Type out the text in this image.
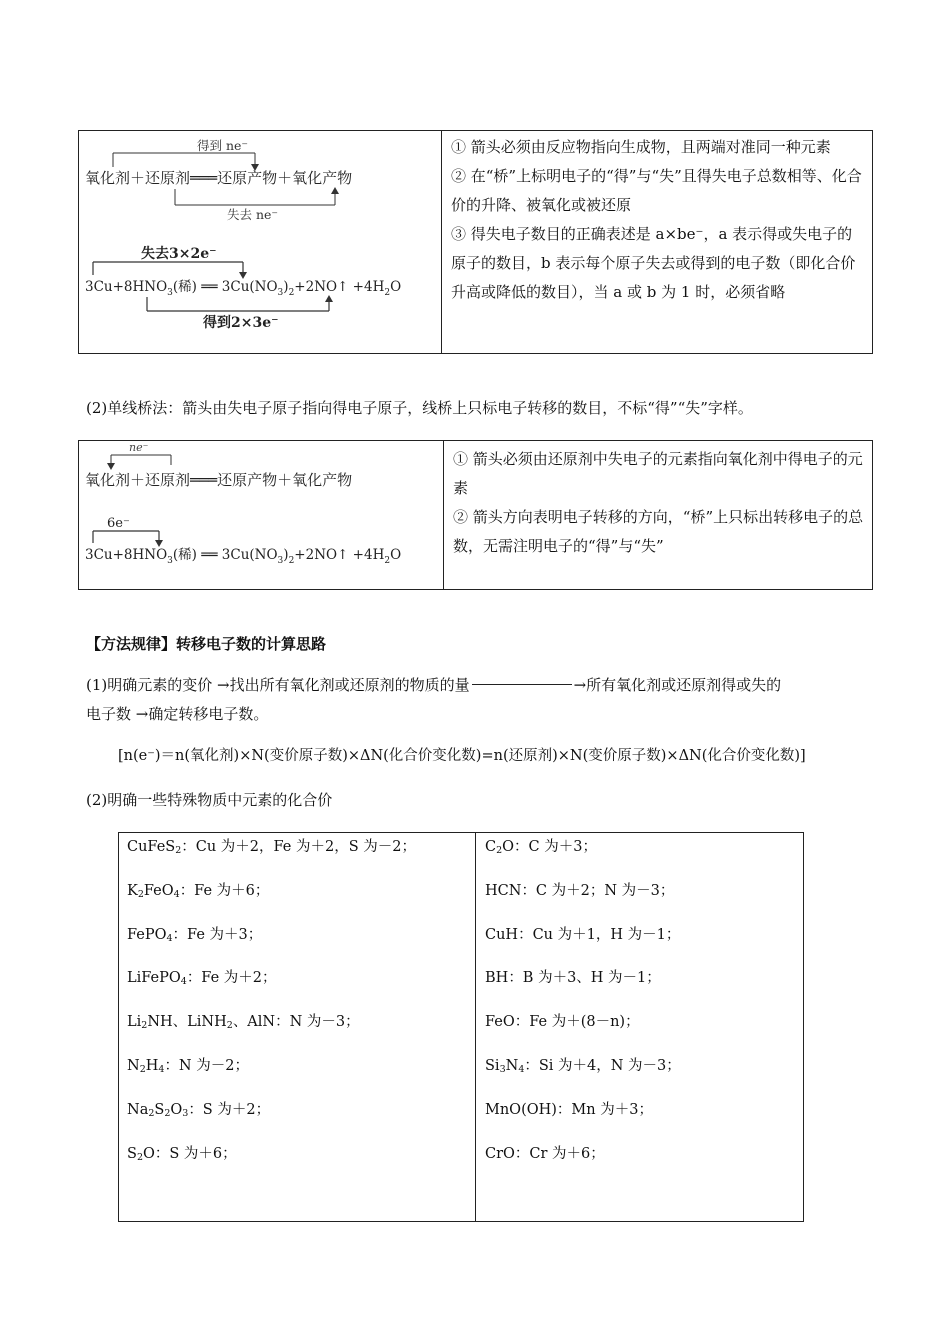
得到 ne⁻
氧化剂＋还原剂═══还原产物＋氧化产物
失去 ne⁻
失去3×2e⁻
$3Cu+8HNO_3$(稀) ══ $3Cu(NO_3)_2+2NO↑ +4H_2O$
得到2×3e⁻
① 箭头必须由反应物指向生成物，且两端对准同一种元素
② 在“桥”上标明电子的“得”与“失”且得失电子总数相等、化合价的升降、被氧化或被还原
③ 得失电子数目的正确表述是 a×be⁻，a 表示得或失电子的原子的数目，b 表示每个原子失去或得到的电子数（即化合价升高或降低的数目），当 a 或 b 为 1 时，必须省略
(2)单线桥法：箭头由失电子原子指向得电子原子，线桥上只标电子转移的数目，不标“得”“失”字样。
ne⁻
氧化剂＋还原剂═══还原产物＋氧化产物
6e⁻
$3Cu+8HNO_3$(稀) ══ $3Cu(NO_3)_2+2NO↑ +4H_2O$
① 箭头必须由还原剂中失电子的元素指向氧化剂中得电子的元素
② 箭头方向表明电子转移的方向，“桥”上只标出转移电子的总数，无需注明电子的“得”与“失”
【方法规律】转移电子数的计算思路
(1)明确元素的变价 →找出所有氧化剂或还原剂的物质的量	→所有氧化剂或还原剂得或失的
电子数 →确定转移电子数。
[n(e⁻)＝n(氧化剂)×N(变价原子数)×ΔN(化合价变化数)=n(还原剂)×N(变价原子数)×ΔN(化合价变化数)]
(2)明确一些特殊物质中元素的化合价
CuFeS$_2$：Cu 为＋2，Fe 为＋2，S 为－2；
$K_2FeO_4$：Fe 为＋6；
FePO$_4$：Fe 为＋3；
LiFePO$_4$：Fe 为＋2；
$Li_2NH$、LiNH$_2$、AlN：N 为－3；
$N_2H_4$：N 为－2；
$Na_2S_2O_3$：S 为＋2；
$S_2O$：S 为＋6；
$C_2O$：C 为＋3；
HCN：C 为＋2；N 为－3；
CuH：Cu 为＋1，H 为－1；
BH：B 为＋3、H 为－1；
FeO：Fe 为＋(8－n)；
$Si_3N_4$：Si 为＋4，N 为－3；
MnO(OH)：Mn 为＋3；
CrO：Cr 为＋6；
